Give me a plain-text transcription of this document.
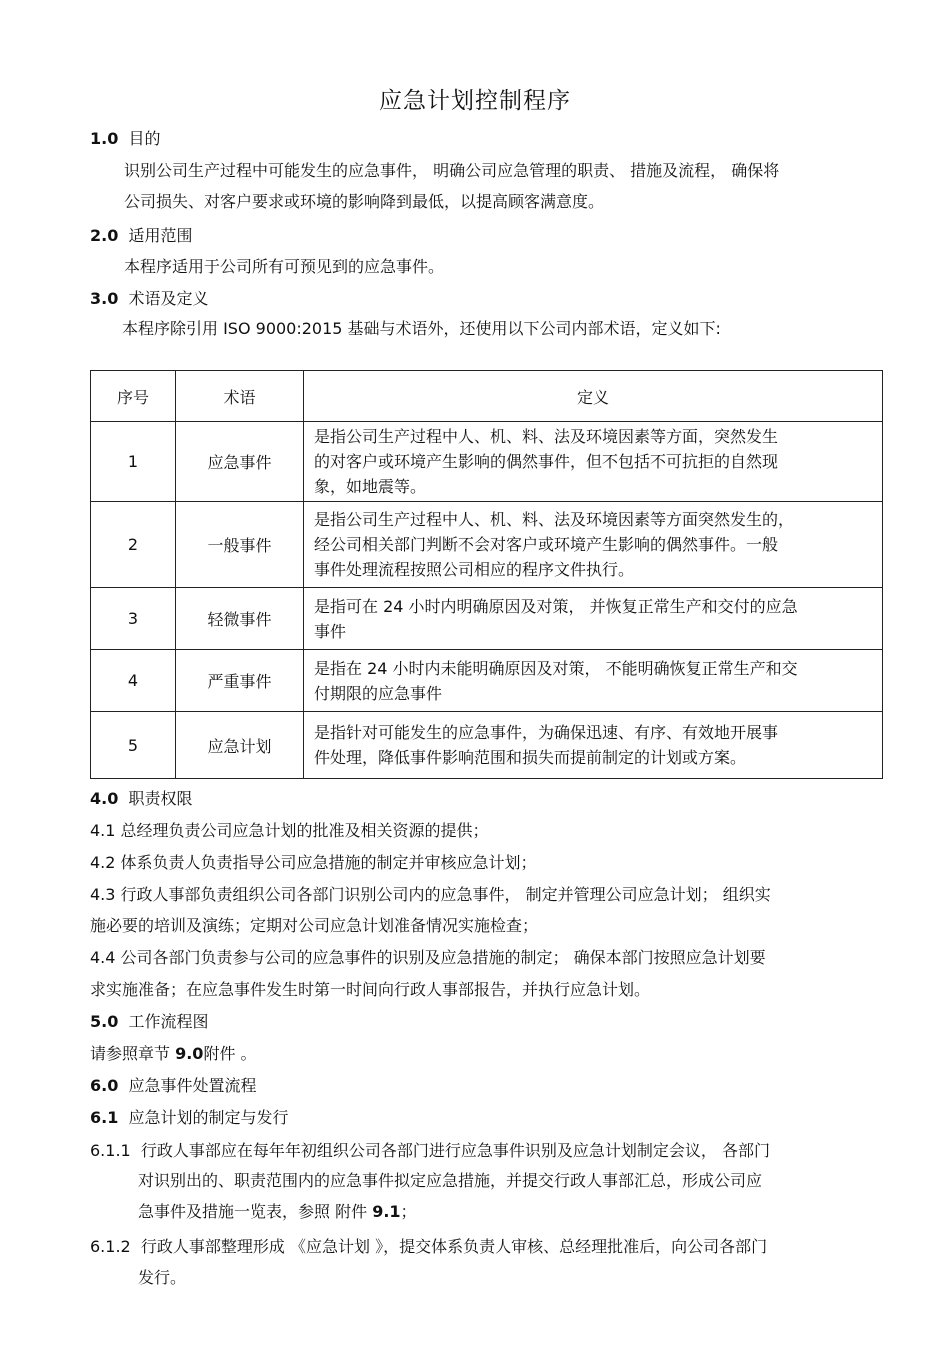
应急计划控制程序
1.0 目的
识别公司生产过程中可能发生的应急事件， 明确公司应急管理的职责、 措施及流程， 确保将
公司损失、对客户要求或环境的影响降到最低，以提高顾客满意度。
2.0 适用范围
本程序适用于公司所有可预见到的应急事件。
3.0 术语及定义
本程序除引用 ISO 9000:2015 基础与术语外，还使用以下公司内部术语，定义如下:
序号	术语	定义
1	应急事件	是指公司生产过程中人、机、料、法及环境因素等方面，突然发生
的对客户或环境产生影响的偶然事件，但不包括不可抗拒的自然现
象，如地震等。

2	一般事件	是指公司生产过程中人、机、料、法及环境因素等方面突然发生的，
经公司相关部门判断不会对客户或环境产生影响的偶然事件。一般
事件处理流程按照公司相应的程序文件执行。

3	轻微事件	是指可在 24 小时内明确原因及对策， 并恢复正常生产和交付的应急
事件

4	严重事件	是指在 24 小时内未能明确原因及对策， 不能明确恢复正常生产和交
付期限的应急事件

5	应急计划	是指针对可能发生的应急事件，为确保迅速、有序、有效地开展事
件处理，降低事件影响范围和损失而提前制定的计划或方案。
4.0 职责权限
4.1 总经理负责公司应急计划的批准及相关资源的提供；
4.2 体系负责人负责指导公司应急措施的制定并审核应急计划；
4.3 行政人事部负责组织公司各部门识别公司内的应急事件， 制定并管理公司应急计划； 组织实
施必要的培训及演练；定期对公司应急计划准备情况实施检查；
4.4 公司各部门负责参与公司的应急事件的识别及应急措施的制定； 确保本部门按照应急计划要
求实施准备；在应急事件发生时第一时间向行政人事部报告，并执行应急计划。
5.0 工作流程图
请参照章节 9.0附件 。
6.0 应急事件处置流程
6.1 应急计划的制定与发行
6.1.1 行政人事部应在每年年初组织公司各部门进行应急事件识别及应急计划制定会议， 各部门
对识别出的、职责范围内的应急事件拟定应急措施，并提交行政人事部汇总，形成公司应
急事件及措施一览表，参照 附件 9.1；
6.1.2 行政人事部整理形成 《应急计划 》，提交体系负责人审核、总经理批准后，向公司各部门
发行。
